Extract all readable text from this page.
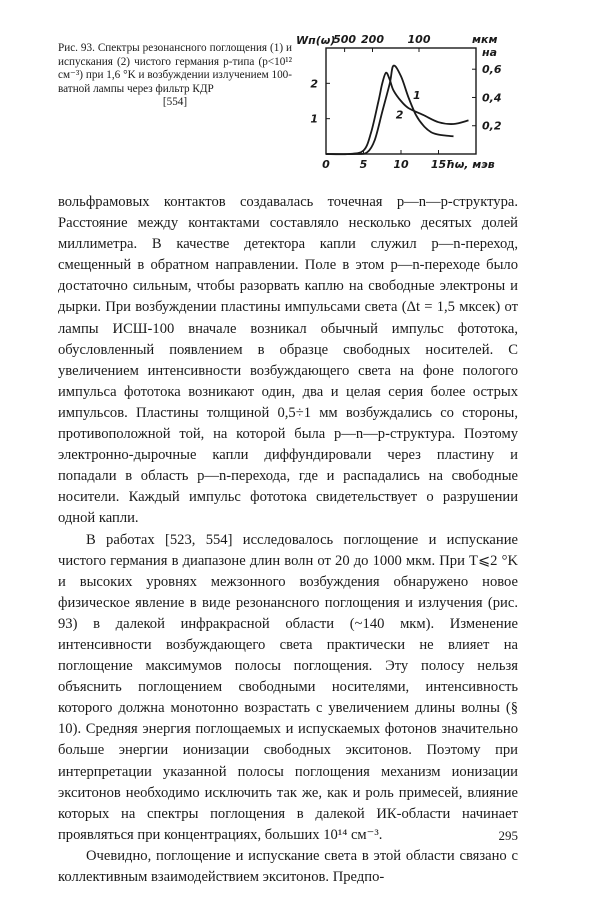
Рис. 93. Спектры резонансного поглощения (1) и испускания (2) чистого германия p-типа (p<10¹² см⁻³) при 1,6 °K и возбуждении излучением 100-ватной лампы через фильтр КДР
[554]
0	5 10 15
500 200 100
1
2
0,2
0,4
0,6
Wп(ω)	мкм
на
ħω, мэв
1
2

вольфрамовых контактов создавалась точечная p—n—p-структура. Расстояние между контактами составляло несколько десятых долей миллиметра. В качестве детектора капли служил p—n-переход, смещенный в обратном направлении. Поле в этом p—n-переходе было достаточно сильным, чтобы разорвать каплю на свободные электроны и дырки. При возбуждении пластины импульсами света (Δt = 1,5 мксек) от лампы ИСШ-100 вначале возникал обычный импульс фототока, обусловленный появлением в образце свободных носителей. С увеличением интенсивности возбуждающего света на фоне пологого импульса фототока возникают один, два и целая серия более острых импульсов. Пластины толщиной 0,5÷1 мм возбуждались со стороны, противоположной той, на которой была p—n—p-структура. Поэтому электронно-дырочные капли диффундировали через пластину и попадали в область p—n-перехода, где и распадались на свободные носители. Каждый импульс фототока свидетельствует о разрушении одной капли.

В работах [523, 554] исследовалось поглощение и испускание чистого германия в диапазоне длин волн от 20 до 1000 мкм. При T⩽2 °K и высоких уровнях межзонного возбуждения обнаружено новое физическое явление в виде резонансного поглощения и излучения (рис. 93) в далекой инфракрасной области (~140 мкм). Изменение интенсивности возбуждающего света практически не влияет на поглощение максимумов полосы поглощения. Эту полосу нельзя объяснить поглощением свободными носителями, интенсивность которого должна монотонно возрастать с увеличением длины волны (§ 10). Средняя энергия поглощаемых и испускаемых фотонов значительно больше энергии ионизации свободных экситонов. Поэтому при интерпретации указанной полосы поглощения механизм ионизации экситонов необходимо исключить так же, как и роль примесей, влияние которых на спектры поглощения в далекой ИК-области начинает проявляться при концентрациях, больших 10¹⁴ см⁻³.

Очевидно, поглощение и испускание света в этой области связано с коллективным взаимодействием экситонов. Предпо-

295
